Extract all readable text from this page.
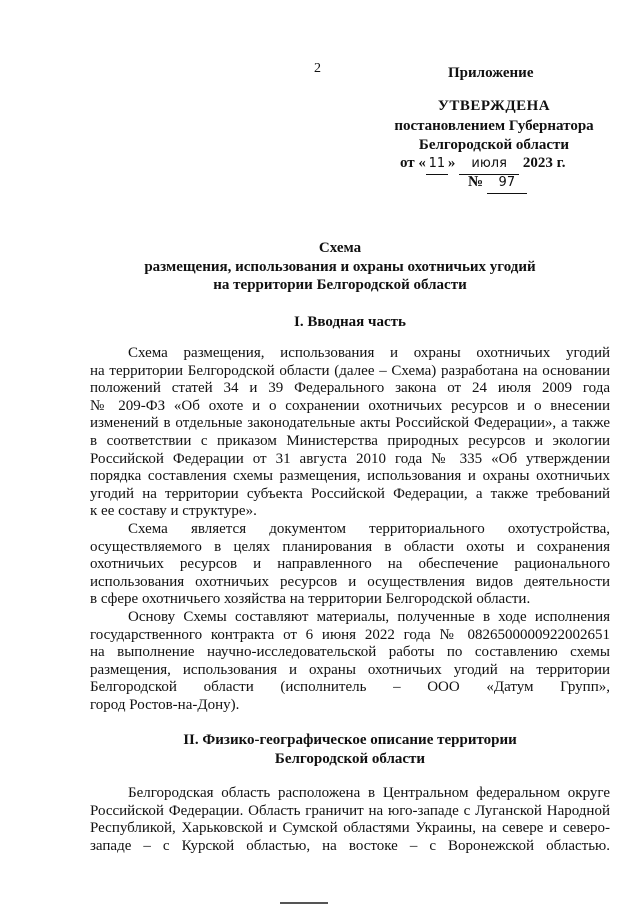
2	Приложение
УТВЕРЖДЕНА
постановлением Губернатора
Белгородской области
от « 11 » июля 2023 г.
№ 97
Схема
размещения, использования и охраны охотничьих угодий
на территории Белгородской области
I. Вводная часть
Схема размещения, использования и охраны охотничьих угодий
на территории Белгородской области (далее – Схема) разработана на основании
положений статей 34 и 39 Федерального закона от 24 июля 2009 года
№ 209-ФЗ «Об охоте и о сохранении охотничьих ресурсов и о внесении
изменений в отдельные законодательные акты Российской Федерации», а также
в соответствии с приказом Министерства природных ресурсов и экологии
Российской Федерации от 31 августа 2010 года № 335 «Об утверждении
порядка составления схемы размещения, использования и охраны охотничьих
угодий на территории субъекта Российской Федерации, а также требований
к ее составу и структуре».
Схема является документом территориального охотустройства,
осуществляемого в целях планирования в области охоты и сохранения
охотничьих ресурсов и направленного на обеспечение рационального
использования охотничьих ресурсов и осуществления видов деятельности
в сфере охотничьего хозяйства на территории Белгородской области.
Основу Схемы составляют материалы, полученные в ходе исполнения
государственного контракта от 6 июня 2022 года № 0826500000922002651
на выполнение научно-исследовательской работы по составлению схемы
размещения, использования и охраны охотничьих угодий на территории
Белгородской области (исполнитель – ООО «Датум Групп»,
город Ростов-на-Дону).
II. Физико-географическое описание территории
Белгородской области
Белгородская область расположена в Центральном федеральном округе
Российской Федерации. Область граничит на юго-западе с Луганской Народной
Республикой, Харьковской и Сумской областями Украины, на севере и северо-
западе – с Курской областью, на востоке – с Воронежской областью.
